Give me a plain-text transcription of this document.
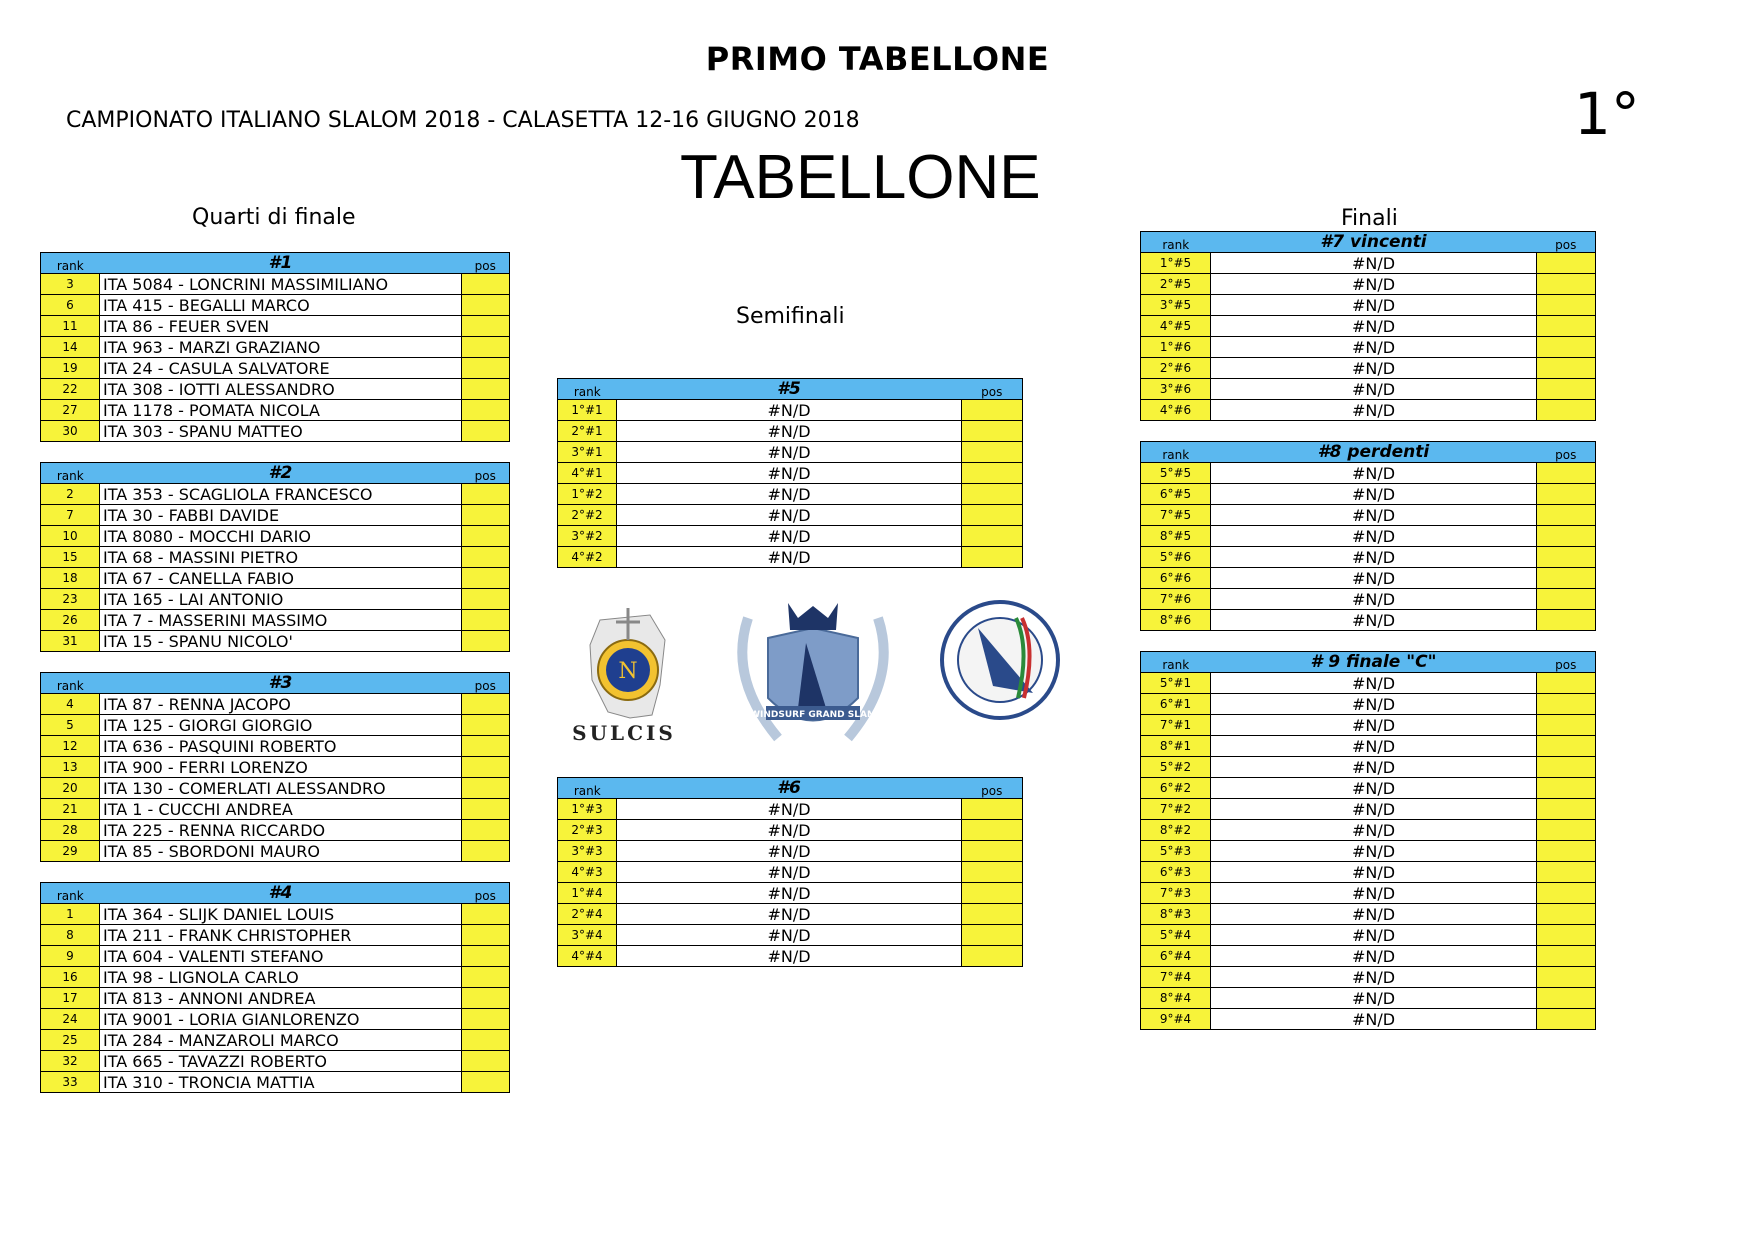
PRIMO TABELLONE
CAMPIONATO ITALIANO SLALOM 2018 - CALASETTA 12-16 GIUGNO 2018	1°
TABELLONE
Quarti di finale
Semifinali
Finali
rank	#1	pos
3	ITA 5084 - LONCRINI MASSIMILIANO	
6	ITA 415 - BEGALLI MARCO	
11	ITA 86 - FEUER SVEN	
14	ITA 963 - MARZI GRAZIANO	
19	ITA 24 - CASULA SALVATORE	
22	ITA 308 - IOTTI ALESSANDRO	
27	ITA 1178 - POMATA NICOLA	
30	ITA 303 - SPANU MATTEO	
rank	#2	pos
2	ITA 353 - SCAGLIOLA FRANCESCO	
7	ITA 30 - FABBI DAVIDE	
10	ITA 8080 - MOCCHI DARIO	
15	ITA 68 - MASSINI PIETRO	
18	ITA 67 - CANELLA FABIO	
23	ITA 165 - LAI ANTONIO	
26	ITA 7 - MASSERINI MASSIMO	
31	ITA 15 - SPANU NICOLO'	
rank	#3	pos
4	ITA 87 - RENNA JACOPO	
5	ITA 125 - GIORGI GIORGIO	
12	ITA 636 - PASQUINI ROBERTO	
13	ITA 900 - FERRI LORENZO	
20	ITA 130 - COMERLATI ALESSANDRO	
21	ITA 1 - CUCCHI ANDREA	
28	ITA 225 - RENNA RICCARDO	
29	ITA 85 - SBORDONI MAURO	
rank	#4	pos
1	ITA 364 - SLIJK DANIEL LOUIS	
8	ITA 211 - FRANK CHRISTOPHER	
9	ITA 604 - VALENTI STEFANO	
16	ITA 98 - LIGNOLA CARLO	
17	ITA 813 - ANNONI ANDREA	
24	ITA 9001 - LORIA GIANLORENZO	
25	ITA 284 - MANZAROLI MARCO	
32	ITA 665 - TAVAZZI ROBERTO	
33	ITA 310 - TRONCIA MATTIA	
rank	#5	pos
1°#1	#N/D	
2°#1	#N/D	
3°#1	#N/D	
4°#1	#N/D	
1°#2	#N/D	
2°#2	#N/D	
3°#2	#N/D	
4°#2	#N/D	
rank	#6	pos
1°#3	#N/D	
2°#3	#N/D	
3°#3	#N/D	
4°#3	#N/D	
1°#4	#N/D	
2°#4	#N/D	
3°#4	#N/D	
4°#4	#N/D	
rank	#7 vincenti	pos
1°#5	#N/D	
2°#5	#N/D	
3°#5	#N/D	
4°#5	#N/D	
1°#6	#N/D	
2°#6	#N/D	
3°#6	#N/D	
4°#6	#N/D	
rank	#8 perdenti	pos
5°#5	#N/D	
6°#5	#N/D	
7°#5	#N/D	
8°#5	#N/D	
5°#6	#N/D	
6°#6	#N/D	
7°#6	#N/D	
8°#6	#N/D	
rank	# 9 finale "C"	pos
5°#1	#N/D	
6°#1	#N/D	
7°#1	#N/D	
8°#1	#N/D	
5°#2	#N/D	
6°#2	#N/D	
7°#2	#N/D	
8°#2	#N/D	
5°#3	#N/D	
6°#3	#N/D	
7°#3	#N/D	
8°#3	#N/D	
5°#4	#N/D	
6°#4	#N/D	
7°#4	#N/D	
8°#4	#N/D	
9°#4	#N/D	
N
SULCIS
WINDSURF GRAND SLAM
